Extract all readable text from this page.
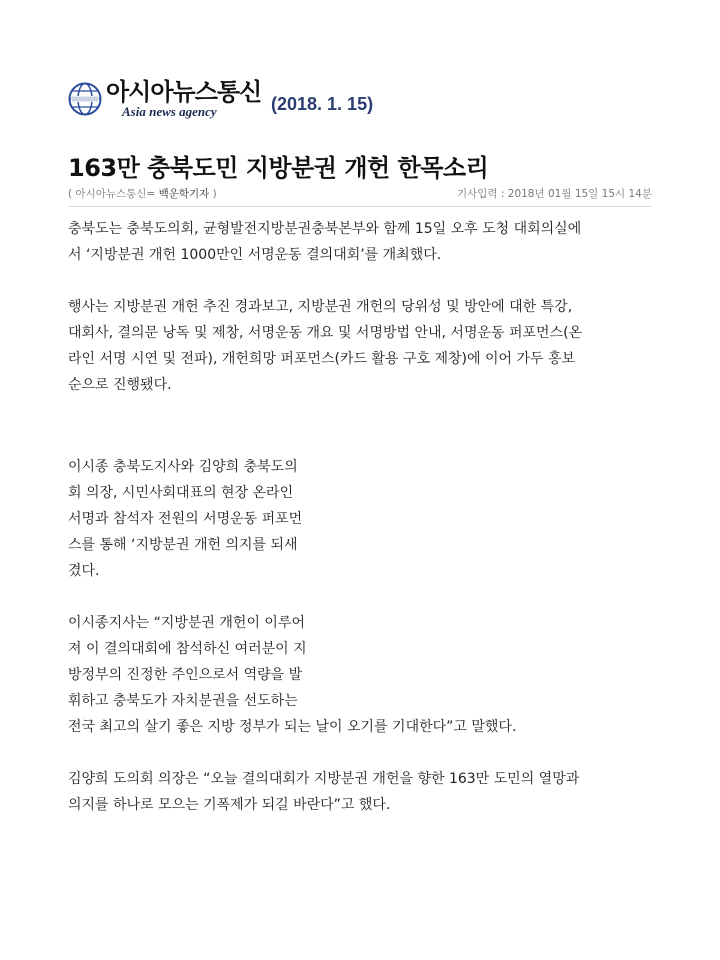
아시아뉴스통신
Asia news agency	(2018. 1. 15)
163만 충북도민 지방분권 개헌 한목소리
( 아시아뉴스통신= 백운학기자 )	기사입력 : 2018년 01월 15일 15시 14분

충북도는 충북도의회, 균형발전지방분권충북본부와 함께 15일 오후 도청 대회의실에
서 ‘지방분권 개헌 1000만인 서명운동 결의대회’를 개최했다.

행사는 지방분권 개헌 추진 경과보고, 지방분권 개헌의 당위성 및 방안에 대한 특강,
대회사, 결의문 낭독 및 제창, 서명운동 개요 및 서명방법 안내, 서명운동 퍼포먼스(온
라인 서명 시연 및 전파), 개헌희망 퍼포먼스(카드 활용 구호 제창)에 이어 가두 홍보
순으로 진행됐다.

이시종 충북도지사와 김양희 충북도의
회 의장, 시민사회대표의 현장 온라인
서명과 참석자 전원의 서명운동 퍼포먼
스를 통해 ‘지방분권 개헌 의지를 되새
겼다.

이시종지사는 “지방분권 개헌이 이루어
져 이 결의대회에 참석하신 여러분이 지
방정부의 진정한 주인으로서 역량을 발
휘하고 충북도가 자치분권을 선도하는
전국 최고의 살기 좋은 지방 정부가 되는 날이 오기를 기대한다”고 말했다.

김양희 도의회 의장은 “오늘 결의대회가 지방분권 개헌을 향한 163만 도민의 열망과
의지를 하나로 모으는 기폭제가 되길 바란다”고 했다.
